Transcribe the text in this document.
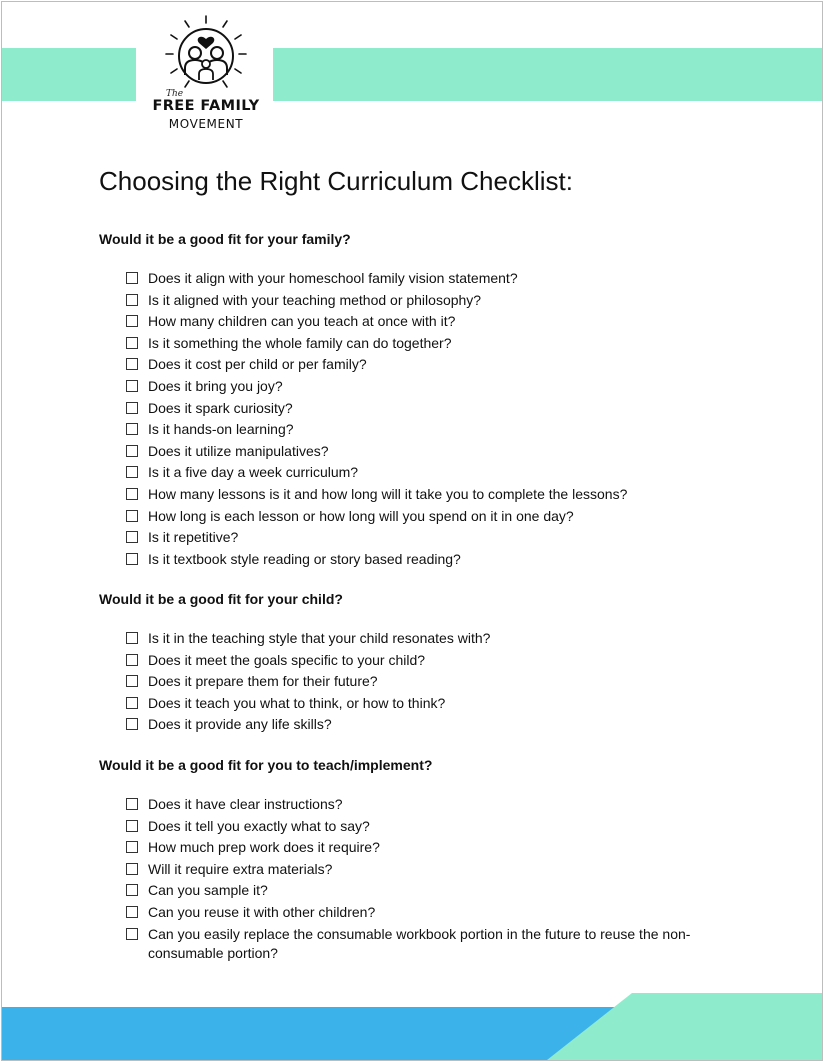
The
FREE FAMILY
MOVEMENT
Choosing the Right Curriculum Checklist:
Would it be a good fit for your family?
Does it align with your homeschool family vision statement?
Is it aligned with your teaching method or philosophy?
How many children can you teach at once with it?
Is it something the whole family can do together?
Does it cost per child or per family?
Does it bring you joy?
Does it spark curiosity?
Is it hands-on learning?
Does it utilize manipulatives?
Is it a five day a week curriculum?
How many lessons is it and how long will it take you to complete the lessons?
How long is each lesson or how long will you spend on it in one day?
Is it repetitive?
Is it textbook style reading or story based reading?
Would it be a good fit for your child?
Is it in the teaching style that your child resonates with?
Does it meet the goals specific to your child?
Does it prepare them for their future?
Does it teach you what to think, or how to think?
Does it provide any life skills?
Would it be a good fit for you to teach/implement?
Does it have clear instructions?
Does it tell you exactly what to say?
How much prep work does it require?
Will it require extra materials?
Can you sample it?
Can you reuse it with other children?
Can you easily replace the consumable workbook portion in the future to reuse the non-consumable portion?
